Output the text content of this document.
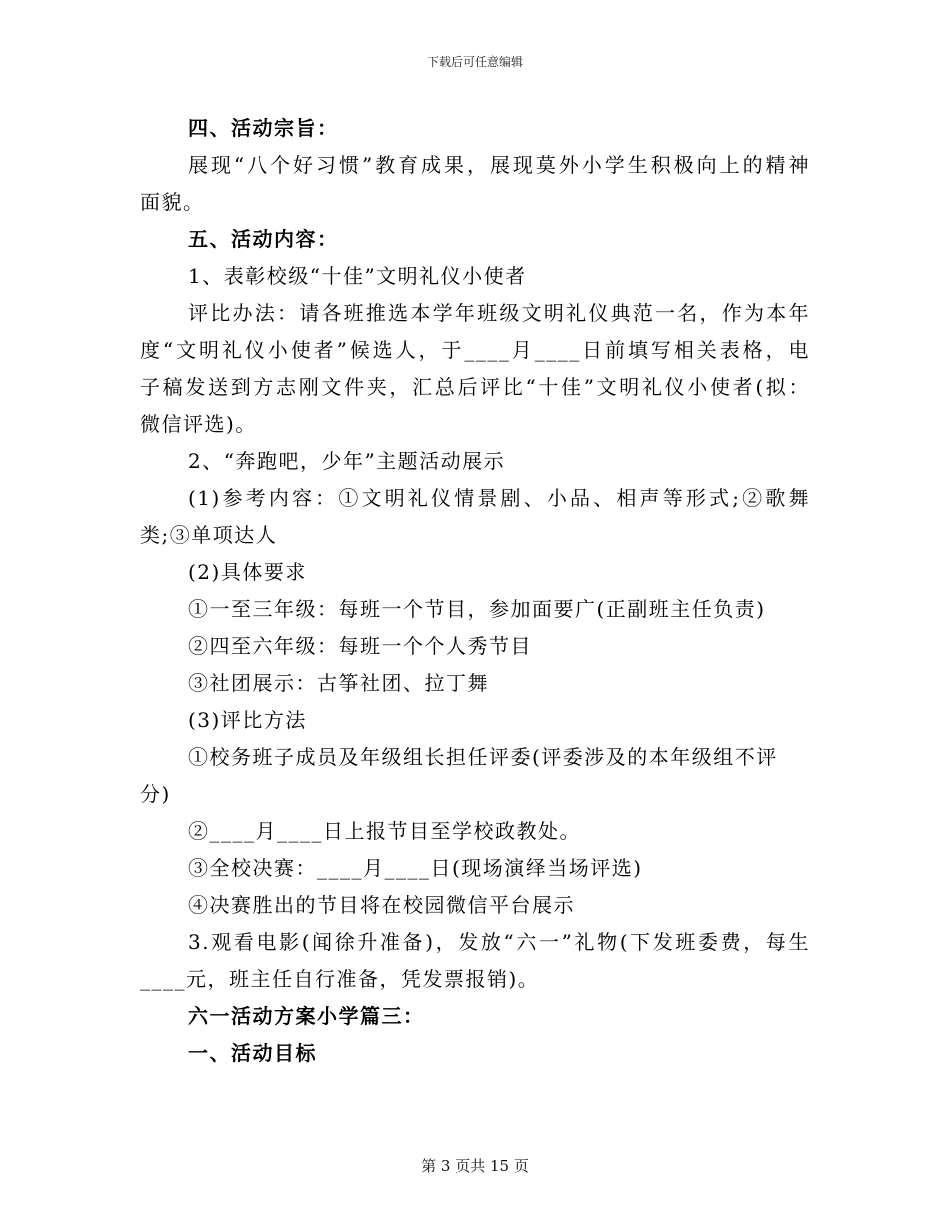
下载后可任意编辑
四、活动宗旨：
展现“八个好习惯”教育成果，展现莫外小学生积极向上的精神
面貌。
五、活动内容：
1、表彰校级“十佳”文明礼仪小使者
评比办法：请各班推选本学年班级文明礼仪典范一名，作为本年
度“文明礼仪小使者”候选人，于____月____日前填写相关表格，电
子稿发送到方志刚文件夹，汇总后评比“十佳”文明礼仪小使者(拟：
微信评选)。
2、“奔跑吧，少年”主题活动展示
(1)参考内容：①文明礼仪情景剧、小品、相声等形式;②歌舞
类;③单项达人
(2)具体要求
①一至三年级：每班一个节目，参加面要广(正副班主任负责)
②四至六年级：每班一个个人秀节目
③社团展示：古筝社团、拉丁舞
(3)评比方法
①校务班子成员及年级组长担任评委(评委涉及的本年级组不评
分)
②____月____日上报节目至学校政教处。
③全校决赛：____月____日(现场演绎当场评选)
④决赛胜出的节目将在校园微信平台展示
3.观看电影(闻徐升准备)，发放“六一”礼物(下发班委费，每生
____元，班主任自行准备，凭发票报销)。
六一活动方案小学篇三：
一、活动目标
第 3 页共 15 页
